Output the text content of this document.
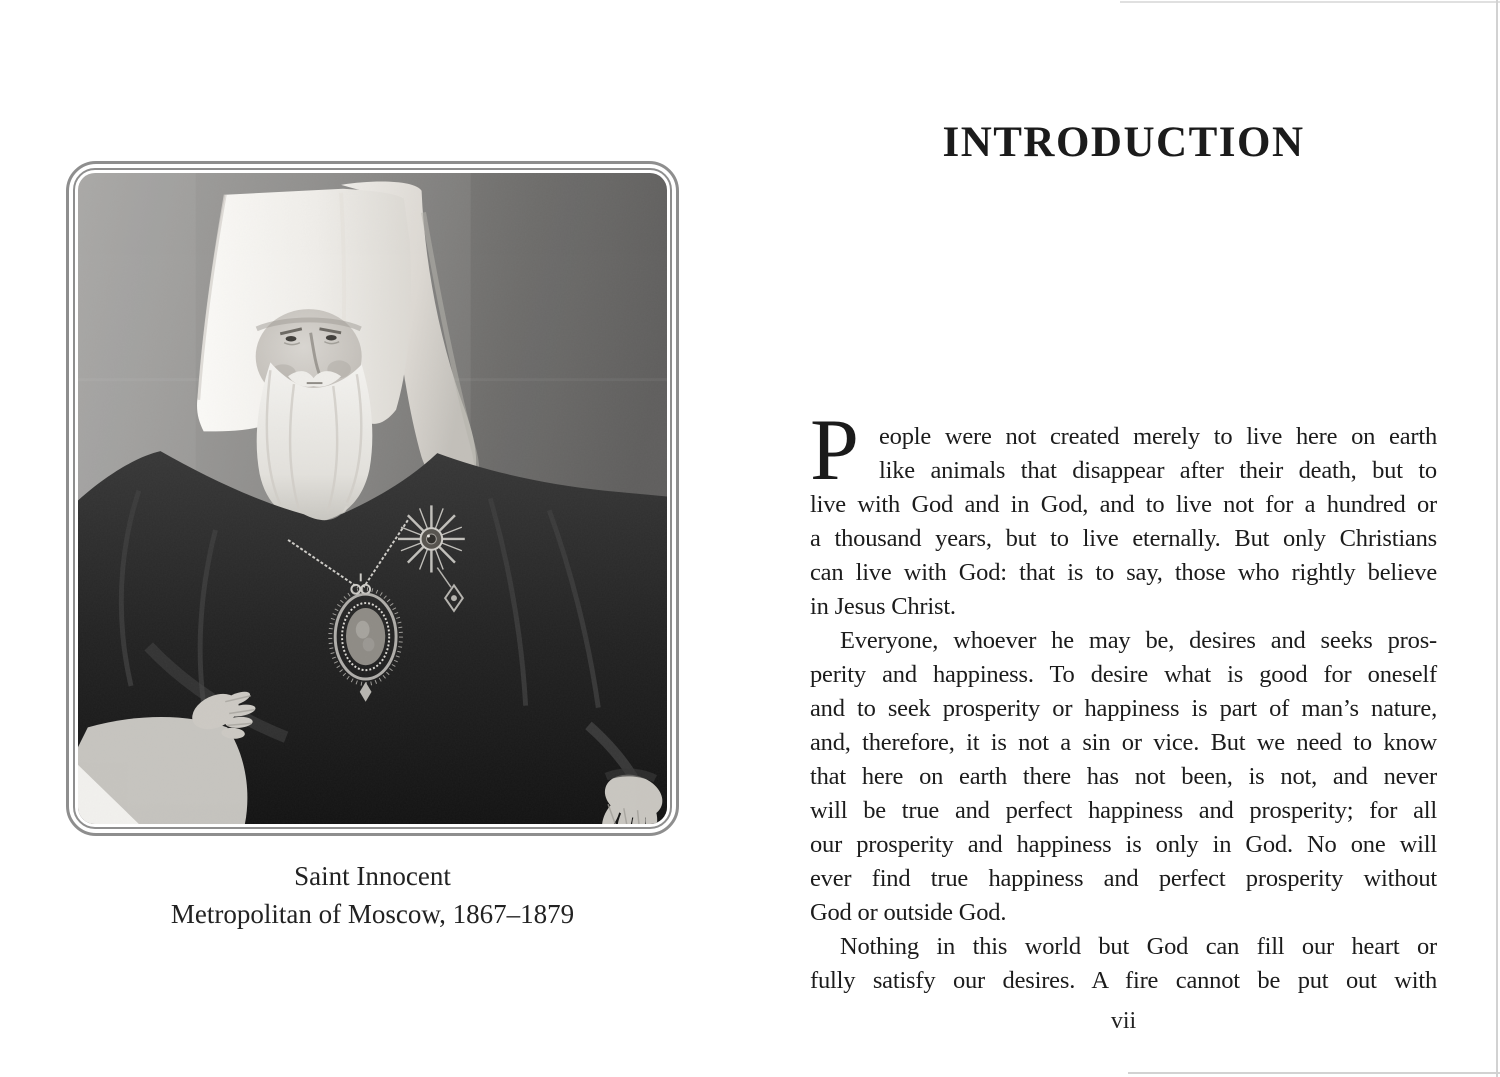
Saint Innocent
Metropolitan of Moscow, 1867–1879
INTRODUCTION
P eople were not created merely to live here on earth
like animals that disappear after their death, but to
live with God and in God, and to live not for a hundred or
a thousand years, but to live eternally. But only Christians
can live with God: that is to say, those who rightly believe
in Jesus Christ.
Everyone, whoever he may be, desires and seeks pros-
perity and happiness. To desire what is good for oneself
and to seek prosperity or happiness is part of man’s nature,
and, therefore, it is not a sin or vice. But we need to know
that here on earth there has not been, is not, and never
will be true and perfect happiness and prosperity; for all
our prosperity and happiness is only in God. No one will
ever find true happiness and perfect prosperity without
God or outside God.
Nothing in this world but God can fill our heart or
fully satisfy our desires. A fire cannot be put out with
vii
